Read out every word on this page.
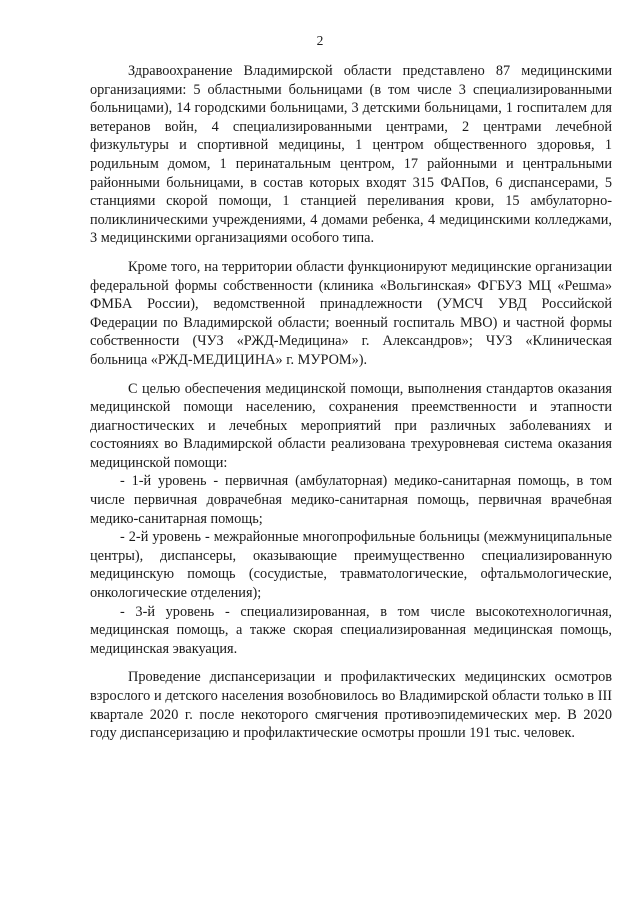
2

Здравоохранение Владимирской области представлено 87 медицинскими организациями: 5 областными больницами (в том числе 3 специализированными больницами), 14 городскими больницами, 3 детскими больницами, 1 госпиталем для ветеранов войн, 4 специализированными центрами, 2 центрами лечебной физкультуры и спортивной медицины, 1 центром общественного здоровья, 1 родильным домом, 1 перинатальным центром, 17 районными и центральными районными больницами, в состав которых входят 315 ФАПов, 6 диспансерами, 5 станциями скорой помощи, 1 станцией переливания крови, 15 амбулаторно-поликлиническими учреждениями, 4 домами ребенка, 4 медицинскими колледжами, 3 медицинскими организациями особого типа.

Кроме того, на территории области функционируют медицинские организации федеральной формы собственности (клиника «Вольгинская» ФГБУЗ МЦ «Решма» ФМБА России), ведомственной принадлежности (УМСЧ УВД Российской Федерации по Владимирской области; военный госпиталь МВО) и частной формы собственности (ЧУЗ «РЖД-Медицина» г. Александров»; ЧУЗ «Клиническая больница «РЖД-МЕДИЦИНА» г. МУРОМ»).

С целью обеспечения медицинской помощи, выполнения стандартов оказания медицинской помощи населению, сохранения преемственности и этапности диагностических и лечебных мероприятий при различных заболеваниях и состояниях во Владимирской области реализована трехуровневая система оказания медицинской помощи:

- 1-й уровень - первичная (амбулаторная) медико-санитарная помощь, в том числе первичная доврачебная медико-санитарная помощь, первичная врачебная медико-санитарная помощь;

- 2-й уровень - межрайонные многопрофильные больницы (межмуниципальные центры), диспансеры, оказывающие преимущественно специализированную медицинскую помощь (сосудистые, травматологические, офтальмологические, онкологические отделения);

- 3-й уровень - специализированная, в том числе высокотехнологичная, медицинская помощь, а также скорая специализированная медицинская помощь, медицинская эвакуация.

Проведение диспансеризации и профилактических медицинских осмотров взрослого и детского населения возобновилось во Владимирской области только в III квартале 2020 г. после некоторого смягчения противоэпидемических мер. В 2020 году диспансеризацию и профилактические осмотры прошли 191 тыс. человек.
